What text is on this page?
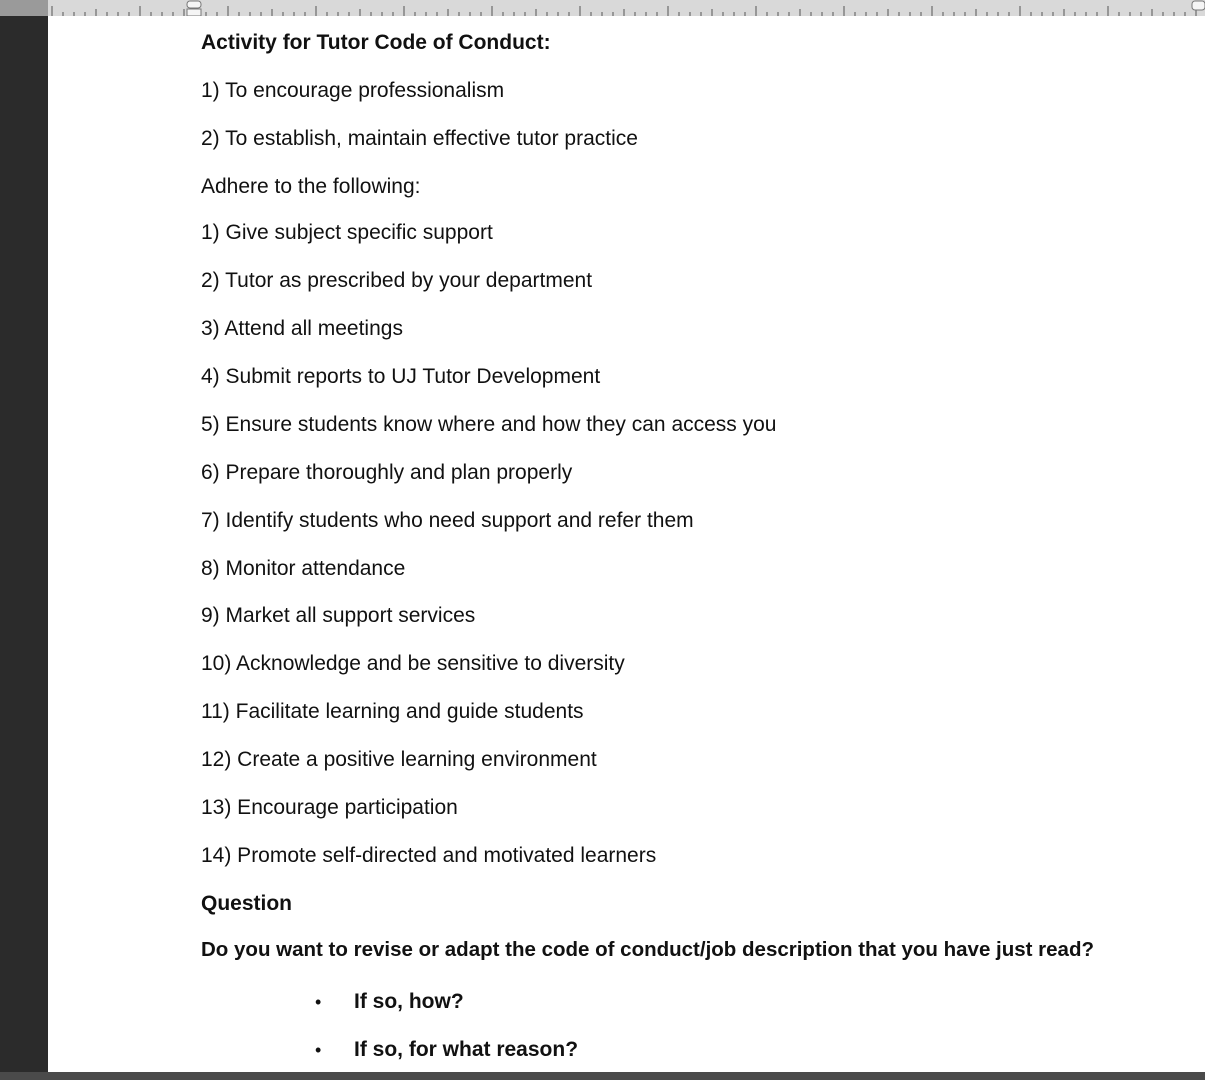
Activity for Tutor Code of Conduct:

1) To encourage professionalism

2) To establish, maintain effective tutor practice

Adhere to the following:

1) Give subject specific support

2) Tutor as prescribed by your department

3) Attend all meetings

4) Submit reports to UJ Tutor Development

5) Ensure students know where and how they can access you

6) Prepare thoroughly and plan properly

7) Identify students who need support and refer them

8) Monitor attendance

9) Market all support services

10) Acknowledge and be sensitive to diversity

11) Facilitate learning and guide students

12) Create a positive learning environment

13) Encourage participation

14) Promote self-directed and motivated learners

Question

Do you want to revise or adapt the code of conduct/job description that you have just read?

• If so, how?

• If so, for what reason?
